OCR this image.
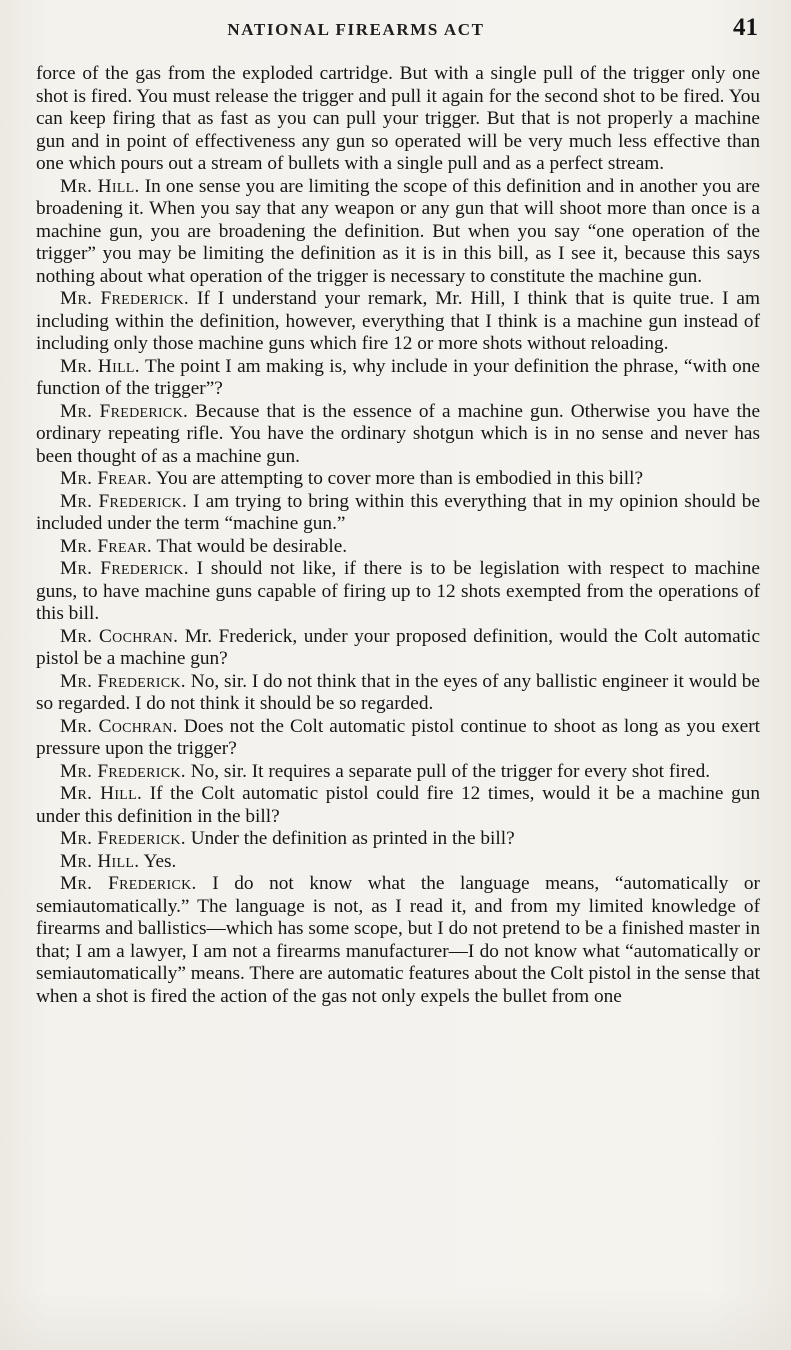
NATIONAL FIREARMS ACT	41

force of the gas from the exploded cartridge. But with a single pull of the trigger only one shot is fired. You must release the trigger and pull it again for the second shot to be fired. You can keep firing that as fast as you can pull your trigger. But that is not properly a machine gun and in point of effectiveness any gun so operated will be very much less effective than one which pours out a stream of bullets with a single pull and as a perfect stream.

Mr. Hill. In one sense you are limiting the scope of this definition and in another you are broadening it. When you say that any weapon or any gun that will shoot more than once is a machine gun, you are broadening the definition. But when you say “one operation of the trigger” you may be limiting the definition as it is in this bill, as I see it, because this says nothing about what operation of the trigger is necessary to constitute the machine gun.

Mr. Frederick. If I understand your remark, Mr. Hill, I think that is quite true. I am including within the definition, however, everything that I think is a machine gun instead of including only those machine guns which fire 12 or more shots without reloading.

Mr. Hill. The point I am making is, why include in your definition the phrase, “with one function of the trigger”?

Mr. Frederick. Because that is the essence of a machine gun. Otherwise you have the ordinary repeating rifle. You have the ordinary shotgun which is in no sense and never has been thought of as a machine gun.

Mr. Frear. You are attempting to cover more than is embodied in this bill?

Mr. Frederick. I am trying to bring within this everything that in my opinion should be included under the term “machine gun.”

Mr. Frear. That would be desirable.

Mr. Frederick. I should not like, if there is to be legislation with respect to machine guns, to have machine guns capable of firing up to 12 shots exempted from the operations of this bill.

Mr. Cochran. Mr. Frederick, under your proposed definition, would the Colt automatic pistol be a machine gun?

Mr. Frederick. No, sir. I do not think that in the eyes of any ballistic engineer it would be so regarded. I do not think it should be so regarded.

Mr. Cochran. Does not the Colt automatic pistol continue to shoot as long as you exert pressure upon the trigger?

Mr. Frederick. No, sir. It requires a separate pull of the trigger for every shot fired.

Mr. Hill. If the Colt automatic pistol could fire 12 times, would it be a machine gun under this definition in the bill?

Mr. Frederick. Under the definition as printed in the bill?

Mr. Hill. Yes.

Mr. Frederick. I do not know what the language means, “automatically or semiautomatically.” The language is not, as I read it, and from my limited knowledge of firearms and ballistics—which has some scope, but I do not pretend to be a finished master in that; I am a lawyer, I am not a firearms manufacturer—I do not know what “automatically or semiautomatically” means. There are automatic features about the Colt pistol in the sense that when a shot is fired the action of the gas not only expels the bullet from one
